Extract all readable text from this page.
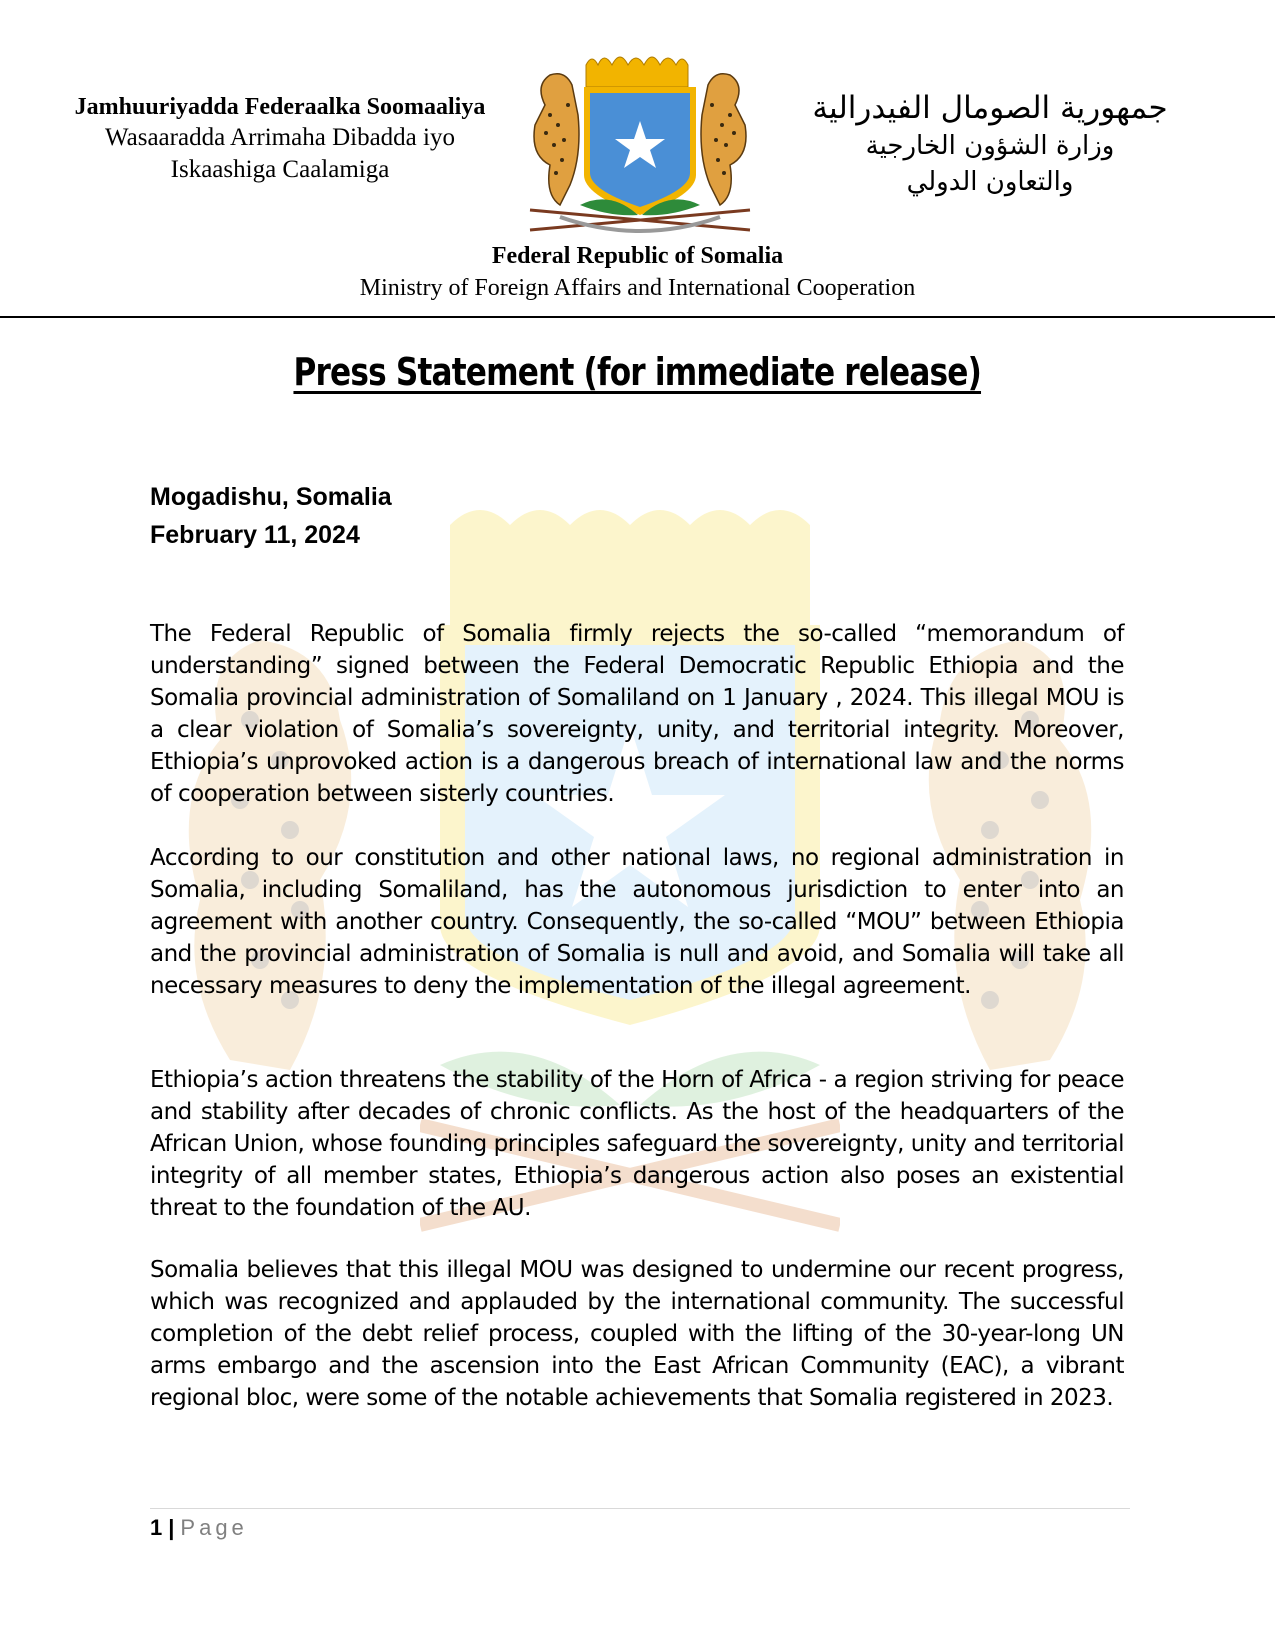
Jamhuuriyadda Federaalka Soomaaliya
Wasaaradda Arrimaha Dibadda iyo
Iskaashiga Caalamiga
جمهورية الصومال الفيدرالية
وزارة الشؤون الخارجية
والتعاون الدولي
Federal Republic of Somalia
Ministry of Foreign Affairs and International Cooperation
Press Statement (for immediate release)
Mogadishu, Somalia
February 11, 2024

The Federal Republic of Somalia firmly rejects the so-called “memorandum of understanding” signed between the Federal Democratic Republic Ethiopia and the Somalia provincial administration of Somaliland on 1 January , 2024. This illegal MOU is a clear violation of Somalia’s sovereignty, unity, and territorial integrity. Moreover, Ethiopia’s unprovoked action is a dangerous breach of international law and the norms of cooperation between sisterly countries.

According to our constitution and other national laws, no regional administration in Somalia, including Somaliland, has the autonomous jurisdiction to enter into an agreement with another country. Consequently, the so-called “MOU” between Ethiopia and the provincial administration of Somalia is null and avoid, and Somalia will take all necessary measures to deny the implementation of the illegal agreement.

Ethiopia’s action threatens the stability of the Horn of Africa - a region striving for peace and stability after decades of chronic conflicts. As the host of the headquarters of the African Union, whose founding principles safeguard the sovereignty, unity and territorial integrity of all member states, Ethiopia’s dangerous action also poses an existential threat to the foundation of the AU.

Somalia believes that this illegal MOU was designed to undermine our recent progress, which was recognized and applauded by the international community. The successful completion of the debt relief process, coupled with the lifting of the 30-year-long UN arms embargo and the ascension into the East African Community (EAC), a vibrant regional bloc, were some of the notable achievements that Somalia registered in 2023.

1 | Page
